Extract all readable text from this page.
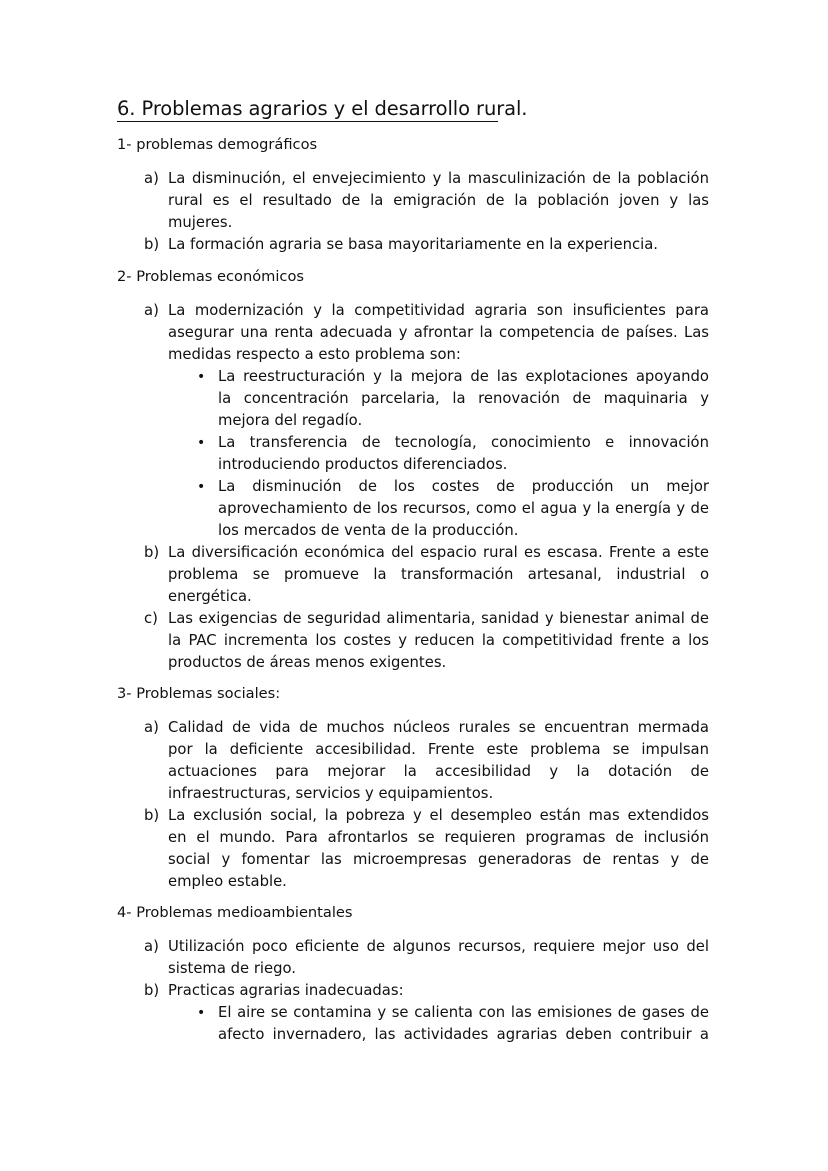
6. Problemas agrarios y el desarrollo rural.
1- problemas demográficos
a) La disminución, el envejecimiento y la masculinización de la población
rural es el resultado de la emigración de la población joven y las
mujeres.
b) La formación agraria se basa mayoritariamente en la experiencia.
2- Problemas económicos
a) La modernización y la competitividad agraria son insuficientes para
asegurar una renta adecuada y afrontar la competencia de países. Las
medidas respecto a esto problema son:
• La reestructuración y la mejora de las explotaciones apoyando
la concentración parcelaria, la renovación de maquinaria y
mejora del regadío.
• La transferencia de tecnología, conocimiento e innovación
introduciendo productos diferenciados.
• La disminución de los costes de producción un mejor
aprovechamiento de los recursos, como el agua y la energía y de
los mercados de venta de la producción.
b) La diversificación económica del espacio rural es escasa. Frente a este
problema se promueve la transformación artesanal, industrial o
energética.
c) Las exigencias de seguridad alimentaria, sanidad y bienestar animal de
la PAC incrementa los costes y reducen la competitividad frente a los
productos de áreas menos exigentes.
3- Problemas sociales:
a) Calidad de vida de muchos núcleos rurales se encuentran mermada
por la deficiente accesibilidad. Frente este problema se impulsan
actuaciones para mejorar la accesibilidad y la dotación de
infraestructuras, servicios y equipamientos.
b) La exclusión social, la pobreza y el desempleo están mas extendidos
en el mundo. Para afrontarlos se requieren programas de inclusión
social y fomentar las microempresas generadoras de rentas y de
empleo estable.
4- Problemas medioambientales
a) Utilización poco eficiente de algunos recursos, requiere mejor uso del
sistema de riego.
b) Practicas agrarias inadecuadas:
• El aire se contamina y se calienta con las emisiones de gases de
afecto invernadero, las actividades agrarias deben contribuir a
